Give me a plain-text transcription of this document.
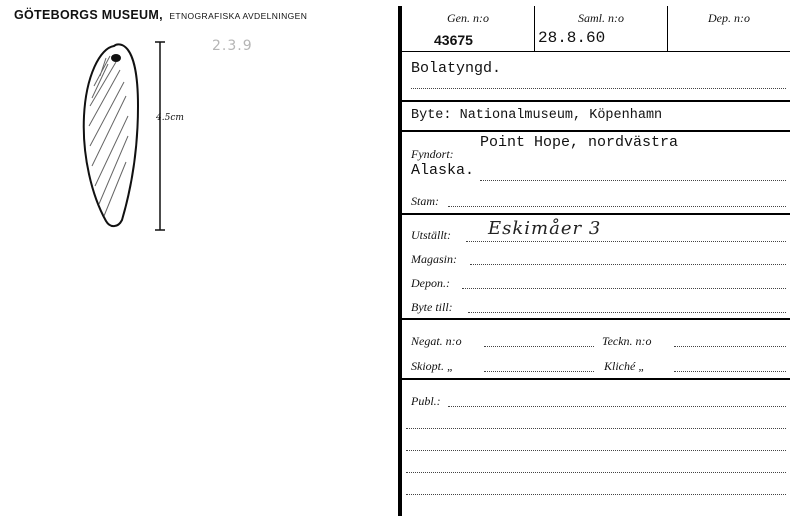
GÖTEBORGS MUSEUM, ETNOGRAFISKA AVDELNINGEN
2.3.9
4.5cm
Gen. n:o
43675
Saml. n:o
28.8.60
Dep. n:o
Bolatyngd.
Byte: Nationalmuseum, Köpenhamn
Fyndort:
Point Hope, nordvästra
Alaska.
Stam:
Utställt: Eskimåer 3
Magasin:
Depon.:
Byte till:
Negat. n:o	Teckn. n:o
Skiopt. „	Kliché „
Publ.:
